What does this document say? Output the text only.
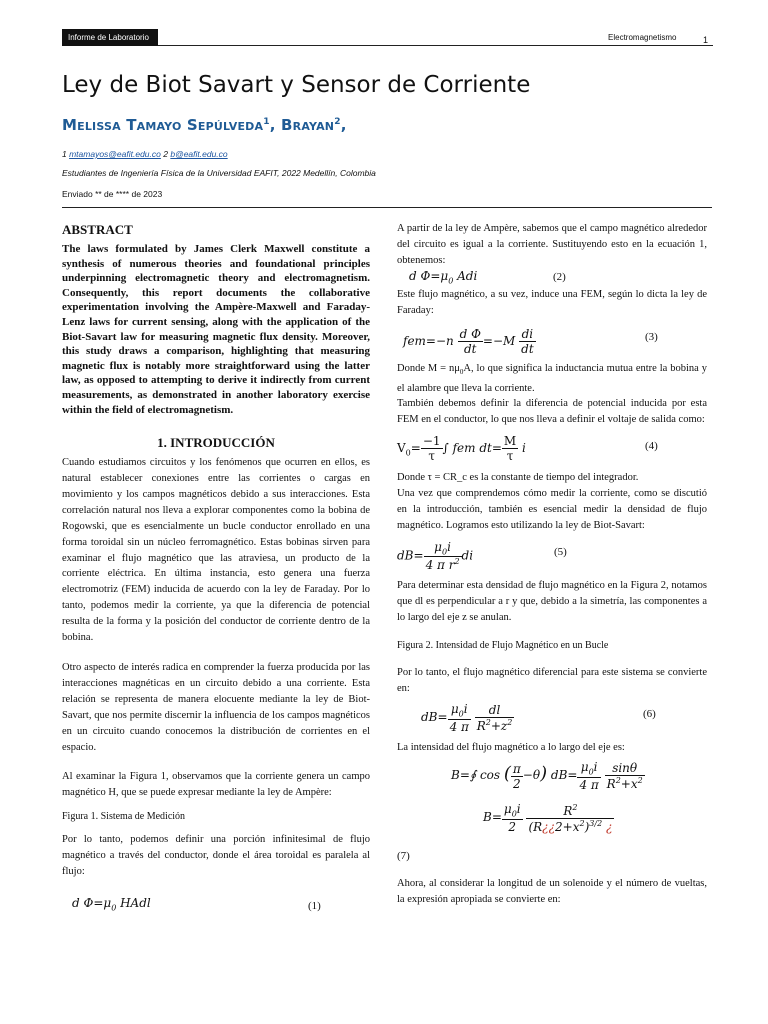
Informe de Laboratorio	Electromagnetismo	1
Ley de Biot Savart y Sensor de Corriente
Melissa Tamayo Sepúlveda$^1$, Brayan$^2$,
1 mtamayos@eafit.edu.co 2 b@eafit.edu.co
Estudiantes de Ingeniería Física de la Universidad EAFIT, 2022 Medellín, Colombia
Enviado ** de **** de 2023
ABSTRACT

The laws formulated by James Clerk Maxwell constitute a synthesis of numerous theories and foundational principles underpinning electromagnetic theory and electromagnetism. Consequently, this report documents the collaborative experimentation involving the Ampère-Maxwell and Faraday-Lenz laws for current sensing, along with the application of the Biot-Savart law for measuring magnetic flux density. Moreover, this study draws a comparison, highlighting that measuring magnetic flux is notably more straightforward using the latter law, as opposed to attempting to derive it indirectly from current measurements, as demonstrated in another laboratory exercise within the field of electromagnetism.

1. INTRODUCCIÓN

Cuando estudiamos circuitos y los fenómenos que ocurren en ellos, es natural establecer conexiones entre las corrientes o cargas en movimiento y los campos magnéticos debido a sus interacciones. Esta correlación natural nos lleva a explorar componentes como la bobina de Rogowski, que es esencialmente un bucle conductor enrollado en una forma toroidal sin un núcleo ferromagnético. Estas bobinas sirven para examinar el flujo magnético que las atraviesa, un producto de la corriente eléctrica. En última instancia, esto genera una fuerza electromotriz (FEM) inducida de acuerdo con la ley de Faraday. Por lo tanto, podemos medir la corriente, ya que la diferencia de potencial resulta de la forma y la posición del conductor de corriente dentro de la bobina.

Otro aspecto de interés radica en comprender la fuerza producida por las interacciones magnéticas en un circuito debido a una corriente. Esta relación se representa de manera elocuente mediante la ley de Biot-Savart, que nos permite discernir la influencia de los campos magnéticos en un circuito cuando conocemos la distribución de corrientes en el espacio.

Al examinar la Figura 1, observamos que la corriente genera un campo magnético H, que se puede expresar mediante la ley de Ampère:

Figura 1. Sistema de Medición

Por lo tanto, podemos definir una porción infinitesimal de flujo magnético a través del conductor, donde el área toroidal es paralela al flujo:

d $\Phi=\mu_0$ HAdl	(1)

A partir de la ley de Ampère, sabemos que el campo magnético alrededor del circuito es igual a la corriente. Sustituyendo esto en la ecuación 1, obtenemos:

d $\Phi=\mu_0$ Adi	(2)

Este flujo magnético, a su vez, induce una FEM, según lo dicta la ley de Faraday:

$fem=-n \frac{\text{d Φ}}{dt} =-M \frac{di}{dt}$	(3)

Donde $M = n\mu_0A$, lo que significa la inductancia mutua entre la bobina y el alambre que lleva la corriente.

También debemos definir la diferencia de potencial inducida por esta FEM en el conductor, lo que nos lleva a definir el voltaje de salida como:

$V_0= \frac{-1}{\tau}$ ∫ fem $dt= \frac{M}{\tau}$ i	(4)

Donde τ = CR_c es la constante de tiempo del integrador.

Una vez que comprendemos cómo medir la corriente, como se discutió en la introducción, también es esencial medir la densidad de flujo magnético. Logramos esto utilizando la ley de Biot-Savart:

$dB= \frac{\mu_0i}{4 \pi r^2}$ di	(5)

Para determinar esta densidad de flujo magnético en la Figura 2, notamos que dl es perpendicular a r y que, debido a la simetría, las componentes a lo largo del eje z se anulan.

Figura 2. Intensidad de Flujo Magnético en un Bucle

Por lo tanto, el flujo magnético diferencial para este sistema se convierte en:

$dB= \frac{\mu_0i}{4 \pi}$
$\frac{dl}{R^2+z^2}$	(6)

La intensidad del flujo magnético a lo largo del eje es:

B=∮ cos ( $\frac{\pi}{2} -\theta$) $dB= \frac{\mu_0i}{4 \pi}$
$\frac{\sin\theta}{R^2+x^2}$
$B= \frac{\mu_0i}{2}$
$\frac{R^2}{(R¿¿2+x^2)^{3/2} ¿}$
(7)

Ahora, al considerar la longitud de un solenoide y el número de vueltas, la expresión apropiada se convierte en:
